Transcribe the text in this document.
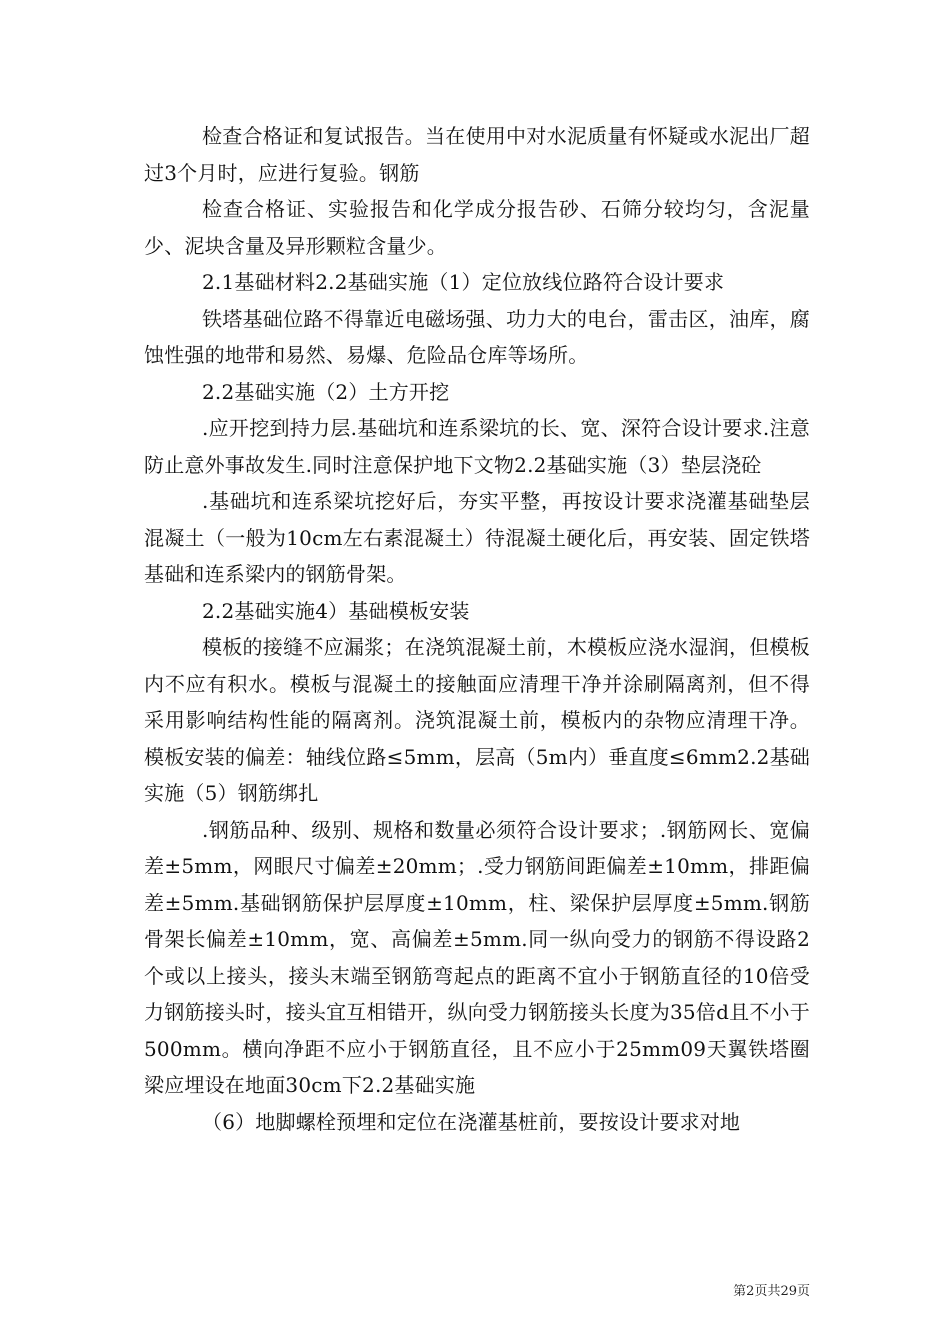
检查合格证和复试报告。当在使用中对水泥质量有怀疑或水泥出厂超过3个月时，应进行复验。钢筋

检查合格证、实验报告和化学成分报告砂、石筛分较均匀，含泥量少、泥块含量及异形颗粒含量少。

2.1基础材料2.2基础实施（1）定位放线位路符合设计要求

铁塔基础位路不得靠近电磁场强、功力大的电台，雷击区，油库，腐蚀性强的地带和易然、易爆、危险品仓库等场所。

2.2基础实施（2）土方开挖

.应开挖到持力层.基础坑和连系梁坑的长、宽、深符合设计要求.注意防止意外事故发生.同时注意保护地下文物2.2基础实施（3）垫层浇砼

.基础坑和连系梁坑挖好后，夯实平整，再按设计要求浇灌基础垫层混凝土（一般为10cm左右素混凝土）待混凝土硬化后，再安装、固定铁塔基础和连系梁内的钢筋骨架。

2.2基础实施4）基础模板安装

模板的接缝不应漏浆；在浇筑混凝土前，木模板应浇水湿润，但模板内不应有积水。模板与混凝土的接触面应清理干净并涂刷隔离剂，但不得采用影响结构性能的隔离剂。浇筑混凝土前，模板内的杂物应清理干净。模板安装的偏差：轴线位路≤5mm，层高（5m内）垂直度≤6mm2.2基础实施（5）钢筋绑扎

.钢筋品种、级别、规格和数量必须符合设计要求；.钢筋网长、宽偏差±5mm，网眼尺寸偏差±20mm；.受力钢筋间距偏差±10mm，排距偏差±5mm.基础钢筋保护层厚度±10mm，柱、梁保护层厚度±5mm.钢筋骨架长偏差±10mm，宽、高偏差±5mm.同一纵向受力的钢筋不得设路2个或以上接头，接头末端至钢筋弯起点的距离不宜小于钢筋直径的10倍受力钢筋接头时，接头宜互相错开，纵向受力钢筋接头长度为35倍d且不小于500mm。横向净距不应小于钢筋直径，且不应小于25mm09天翼铁塔圈梁应埋设在地面30cm下2.2基础实施

（6）地脚螺栓预埋和定位在浇灌基桩前，要按设计要求对地

第2页共29页
